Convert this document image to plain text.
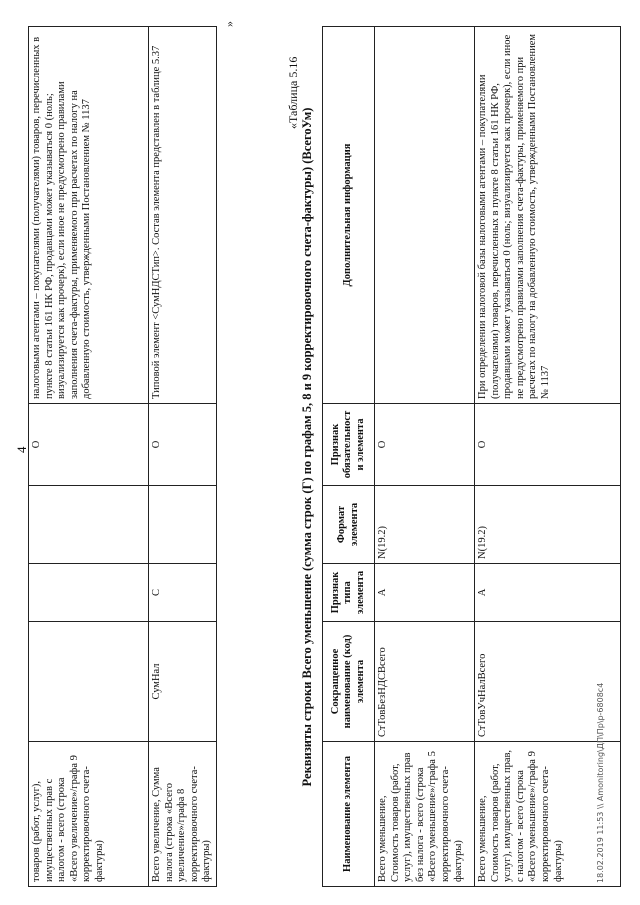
4
товаров (работ, услуг), имущественных прав с налогом - всего (строка «Всего увеличение»/графа 9 корректировочного счета-фактуры)				О	налоговыми агентами – покупателями (получателями) товаров, перечисленных в пункте 8 статьи 161 НК РФ, продавцами может указываться 0 (ноль; визуализируется как прочерк), если иное не предусмотрено правилами заполнения счета-фактуры, применяемого при расчетах по налогу на добавленную стоимость, утвержденными Постановлением № 1137
Всего увеличение, Сумма налога (строка «Всего увеличение»/графа 8 корректировочного счета-фактуры)	СумНал	С		О	Типовой элемент <СумНДСТип>. Состав элемента представлен в таблице 5.37
»
«Таблица 5.16
Реквизиты строки Всего уменьшение (сумма строк (Г) по графам 5, 8 и 9 корректировочного счета-фактуры) (ВсегоУм)
Наименование элемента	Сокращенное наименование (код) элемента	Признак типа элемента	Формат элемента	Признак обязательности элемента	Дополнительная информация
Всего уменьшение, Стоимость товаров (работ, услуг), имущественных прав без налога - всего (строка «Всего уменьшение»/графа 5 корректировочного счета-фактуры)	СтТовБезНДСВсего	А	N(19.2)	О	
Всего уменьшение, Стоимость товаров (работ, услуг), имущественных прав, с налогом - всего (строка «Всего уменьшение»/графа 9 корректировочного счета-фактуры)	СтТовУчНалВсего	А	N(19.2)	О	При определении налоговой базы налоговыми агентами – покупателями (получателями) товаров, перечисленных в пункте 8 статьи 161 НК РФ, продавцами может указываться 0 (ноль; визуализируется как прочерк), если иное не предусмотрено правилами заполнения счета-фактуры, применяемого при расчетах по налогу на добавленную стоимость, утвержденными Постановлением № 1137
18.02.2019 11:53 \\ Amonitoring\ДП\Пр\р-6808с4
